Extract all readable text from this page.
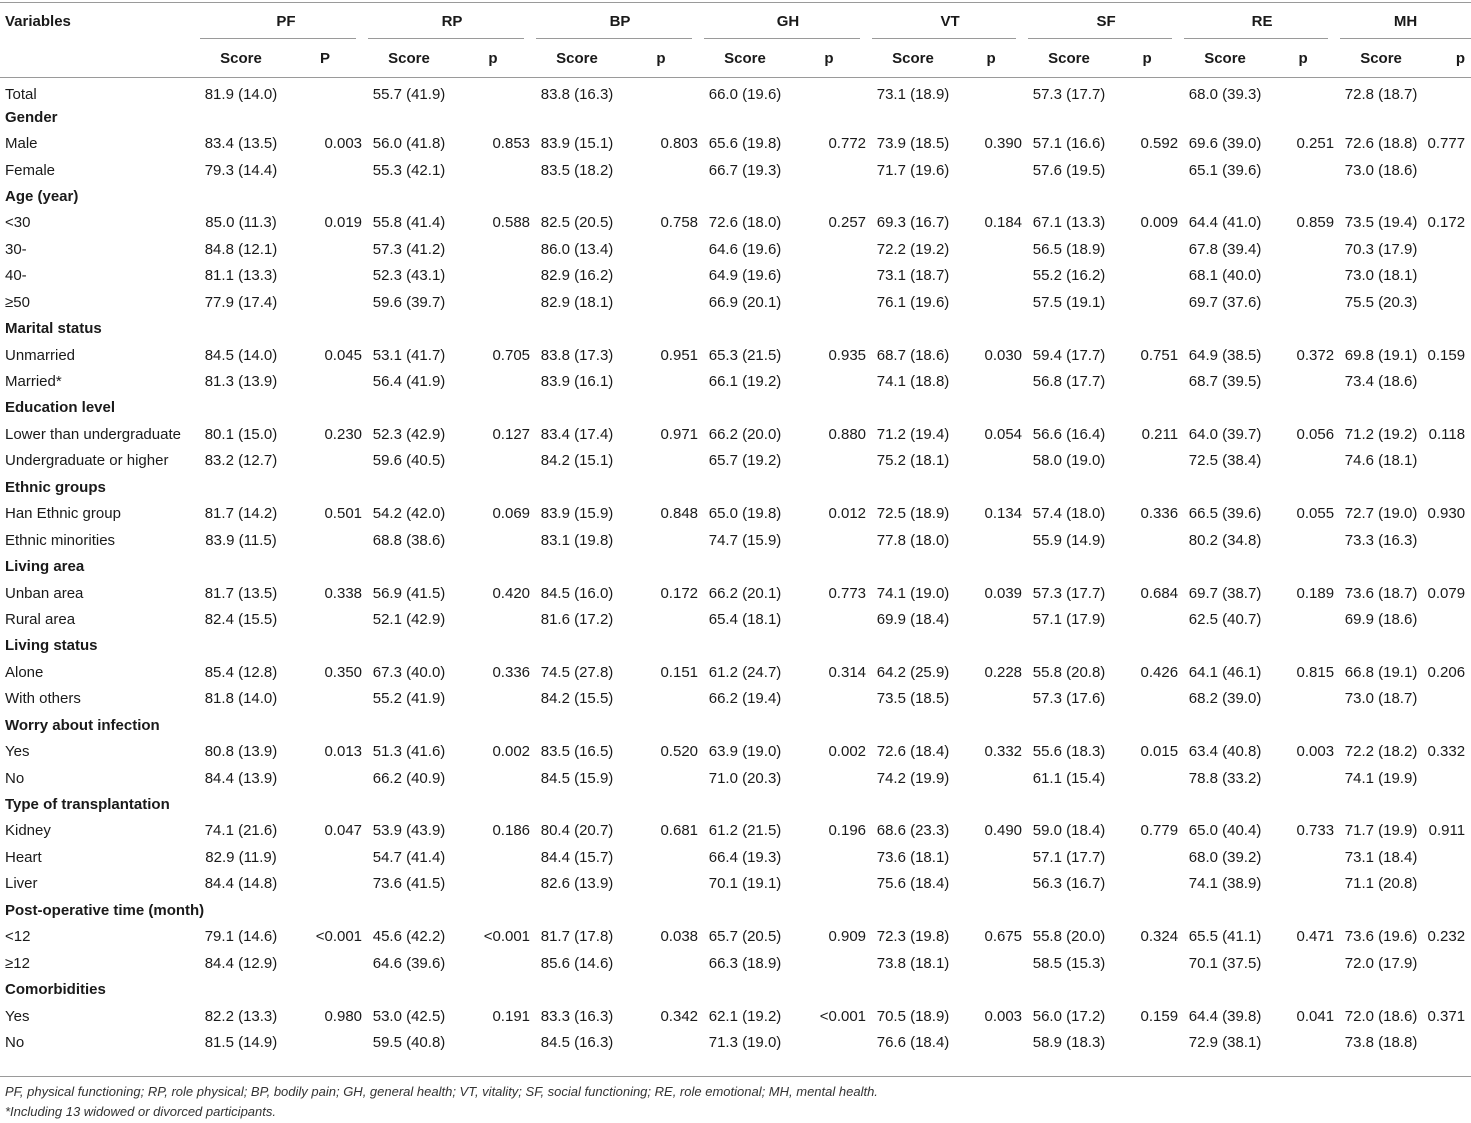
Variables	PF		RP		BP		GH		VT		SF		RE		MH	

	Score	P	Score	p	Score	p	Score	p	Score	p	Score	p	Score	p	Score	p
Total	81.9 (14.0)		55.7 (41.9)		83.8 (16.3)		66.0 (19.6)		73.1 (18.9)		57.3 (17.7)		68.0 (39.3)		72.8 (18.7)	
Gender																
Male	83.4 (13.5)	0.003	56.0 (41.8)	0.853	83.9 (15.1)	0.803	65.6 (19.8)	0.772	73.9 (18.5)	0.390	57.1 (16.6)	0.592	69.6 (39.0)	0.251	72.6 (18.8)	0.777
Female	79.3 (14.4)		55.3 (42.1)		83.5 (18.2)		66.7 (19.3)		71.7 (19.6)		57.6 (19.5)		65.1 (39.6)		73.0 (18.6)	
Age (year)																
<30	85.0 (11.3)	0.019	55.8 (41.4)	0.588	82.5 (20.5)	0.758	72.6 (18.0)	0.257	69.3 (16.7)	0.184	67.1 (13.3)	0.009	64.4 (41.0)	0.859	73.5 (19.4)	0.172
30-	84.8 (12.1)		57.3 (41.2)		86.0 (13.4)		64.6 (19.6)		72.2 (19.2)		56.5 (18.9)		67.8 (39.4)		70.3 (17.9)	
40-	81.1 (13.3)		52.3 (43.1)		82.9 (16.2)		64.9 (19.6)		73.1 (18.7)		55.2 (16.2)		68.1 (40.0)		73.0 (18.1)	
≥50	77.9 (17.4)		59.6 (39.7)		82.9 (18.1)		66.9 (20.1)		76.1 (19.6)		57.5 (19.1)		69.7 (37.6)		75.5 (20.3)	
Marital status																
Unmarried	84.5 (14.0)	0.045	53.1 (41.7)	0.705	83.8 (17.3)	0.951	65.3 (21.5)	0.935	68.7 (18.6)	0.030	59.4 (17.7)	0.751	64.9 (38.5)	0.372	69.8 (19.1)	0.159
Married*	81.3 (13.9)		56.4 (41.9)		83.9 (16.1)		66.1 (19.2)		74.1 (18.8)		56.8 (17.7)		68.7 (39.5)		73.4 (18.6)	
Education level																
Lower than undergraduate	80.1 (15.0)	0.230	52.3 (42.9)	0.127	83.4 (17.4)	0.971	66.2 (20.0)	0.880	71.2 (19.4)	0.054	56.6 (16.4)	0.211	64.0 (39.7)	0.056	71.2 (19.2)	0.118
Undergraduate or higher	83.2 (12.7)		59.6 (40.5)		84.2 (15.1)		65.7 (19.2)		75.2 (18.1)		58.0 (19.0)		72.5 (38.4)		74.6 (18.1)	
Ethnic groups																
Han Ethnic group	81.7 (14.2)	0.501	54.2 (42.0)	0.069	83.9 (15.9)	0.848	65.0 (19.8)	0.012	72.5 (18.9)	0.134	57.4 (18.0)	0.336	66.5 (39.6)	0.055	72.7 (19.0)	0.930
Ethnic minorities	83.9 (11.5)		68.8 (38.6)		83.1 (19.8)		74.7 (15.9)		77.8 (18.0)		55.9 (14.9)		80.2 (34.8)		73.3 (16.3)	
Living area																
Unban area	81.7 (13.5)	0.338	56.9 (41.5)	0.420	84.5 (16.0)	0.172	66.2 (20.1)	0.773	74.1 (19.0)	0.039	57.3 (17.7)	0.684	69.7 (38.7)	0.189	73.6 (18.7)	0.079
Rural area	82.4 (15.5)		52.1 (42.9)		81.6 (17.2)		65.4 (18.1)		69.9 (18.4)		57.1 (17.9)		62.5 (40.7)		69.9 (18.6)	
Living status																
Alone	85.4 (12.8)	0.350	67.3 (40.0)	0.336	74.5 (27.8)	0.151	61.2 (24.7)	0.314	64.2 (25.9)	0.228	55.8 (20.8)	0.426	64.1 (46.1)	0.815	66.8 (19.1)	0.206
With others	81.8 (14.0)		55.2 (41.9)		84.2 (15.5)		66.2 (19.4)		73.5 (18.5)		57.3 (17.6)		68.2 (39.0)		73.0 (18.7)	
Worry about infection																
Yes	80.8 (13.9)	0.013	51.3 (41.6)	0.002	83.5 (16.5)	0.520	63.9 (19.0)	0.002	72.6 (18.4)	0.332	55.6 (18.3)	0.015	63.4 (40.8)	0.003	72.2 (18.2)	0.332
No	84.4 (13.9)		66.2 (40.9)		84.5 (15.9)		71.0 (20.3)		74.2 (19.9)		61.1 (15.4)		78.8 (33.2)		74.1 (19.9)	
Type of transplantation																
Kidney	74.1 (21.6)	0.047	53.9 (43.9)	0.186	80.4 (20.7)	0.681	61.2 (21.5)	0.196	68.6 (23.3)	0.490	59.0 (18.4)	0.779	65.0 (40.4)	0.733	71.7 (19.9)	0.911
Heart	82.9 (11.9)		54.7 (41.4)		84.4 (15.7)		66.4 (19.3)		73.6 (18.1)		57.1 (17.7)		68.0 (39.2)		73.1 (18.4)	
Liver	84.4 (14.8)		73.6 (41.5)		82.6 (13.9)		70.1 (19.1)		75.6 (18.4)		56.3 (16.7)		74.1 (38.9)		71.1 (20.8)	
Post-operative time (month)																
<12	79.1 (14.6)	<0.001	45.6 (42.2)	<0.001	81.7 (17.8)	0.038	65.7 (20.5)	0.909	72.3 (19.8)	0.675	55.8 (20.0)	0.324	65.5 (41.1)	0.471	73.6 (19.6)	0.232
≥12	84.4 (12.9)		64.6 (39.6)		85.6 (14.6)		66.3 (18.9)		73.8 (18.1)		58.5 (15.3)		70.1 (37.5)		72.0 (17.9)	
Comorbidities																
Yes	82.2 (13.3)	0.980	53.0 (42.5)	0.191	83.3 (16.3)	0.342	62.1 (19.2)	<0.001	70.5 (18.9)	0.003	56.0 (17.2)	0.159	64.4 (39.8)	0.041	72.0 (18.6)	0.371
No	81.5 (14.9)		59.5 (40.8)		84.5 (16.3)		71.3 (19.0)		76.6 (18.4)		58.9 (18.3)		72.9 (38.1)		73.8 (18.8)	
PF, physical functioning; RP, role physical; BP, bodily pain; GH, general health; VT, vitality; SF, social functioning; RE, role emotional; MH, mental health.
*Including 13 widowed or divorced participants.
